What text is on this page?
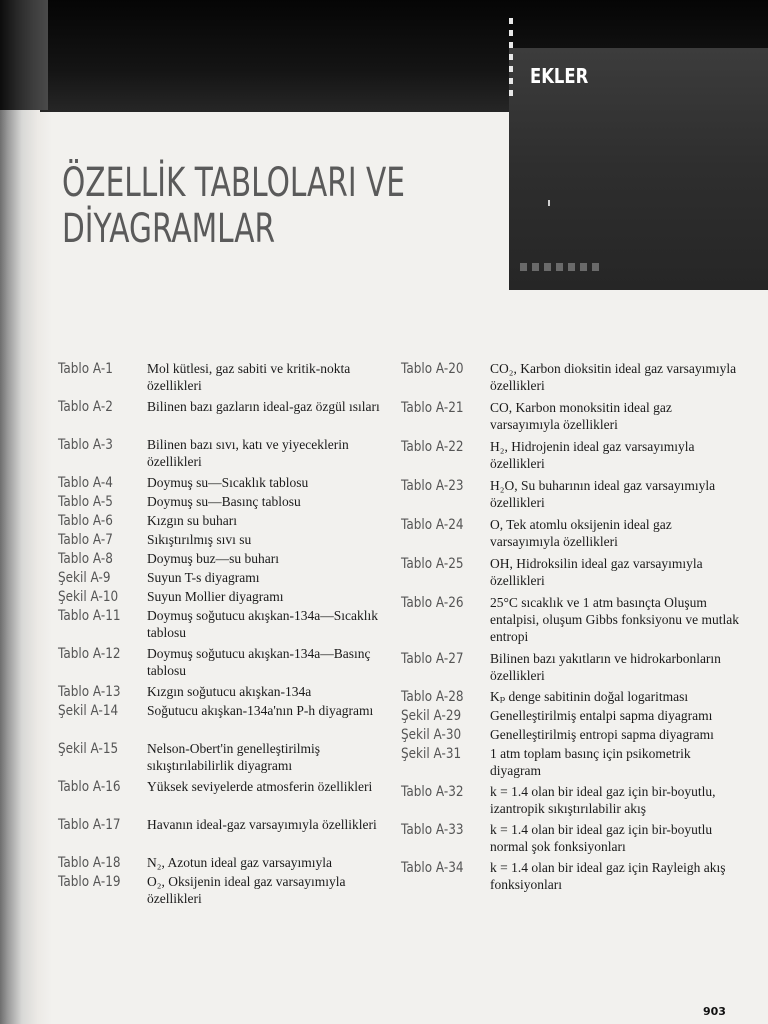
EKLER
ÖZELLİK TABLOLARI VE
DİYAGRAMLAR
Tablo A-1	Mol kütlesi, gaz sabiti ve kritik-nokta özellikleri
Tablo A-2	Bilinen bazı gazların ideal-gaz özgül ısıları
Tablo A-3	Bilinen bazı sıvı, katı ve yiyeceklerin özellikleri
Tablo A-4	Doymuş su—Sıcaklık tablosu
Tablo A-5	Doymuş su—Basınç tablosu
Tablo A-6	Kızgın su buharı
Tablo A-7	Sıkıştırılmış sıvı su
Tablo A-8	Doymuş buz—su buharı
Şekil A-9	Suyun T-s diyagramı
Şekil A-10 Suyun Mollier diyagramı
Tablo A-11 Doymuş soğutucu akışkan-134a—Sıcaklık tablosu
Tablo A-12 Doymuş soğutucu akışkan-134a—Basınç tablosu
Tablo A-13 Kızgın soğutucu akışkan-134a
Şekil A-14 Soğutucu akışkan-134a'nın P-h diyagramı
Şekil A-15 Nelson-Obert'in genelleştirilmiş sıkıştırılabilirlik diyagramı
Tablo A-16 Yüksek seviyelerde atmosferin özellikleri
Tablo A-17 Havanın ideal-gaz varsayımıyla özellikleri
Tablo A-18 N₂, Azotun ideal gaz varsayımıyla
Tablo A-19 O₂, Oksijenin ideal gaz varsayımıyla özellikleri
Tablo A-20 CO₂, Karbon dioksitin ideal gaz varsayımıyla özellikleri
Tablo A-21 CO, Karbon monoksitin ideal gaz varsayımıyla özellikleri
Tablo A-22 H₂, Hidrojenin ideal gaz varsayımıyla özellikleri
Tablo A-23 H₂O, Su buharının ideal gaz varsayımıyla özellikleri
Tablo A-24 O, Tek atomlu oksijenin ideal gaz varsayımıyla özellikleri
Tablo A-25 OH, Hidroksilin ideal gaz varsayımıyla özellikleri
Tablo A-26 25°C sıcaklık ve 1 atm basınçta Oluşum entalpisi, oluşum Gibbs fonksiyonu ve mutlak entropi
Tablo A-27 Bilinen bazı yakıtların ve hidrokarbonların özellikleri
Tablo A-28 Kₚ denge sabitinin doğal logaritması
Şekil A-29 Genelleştirilmiş entalpi sapma diyagramı
Şekil A-30 Genelleştirilmiş entropi sapma diyagramı
Şekil A-31 1 atm toplam basınç için psikometrik diyagram
Tablo A-32 k = 1.4 olan bir ideal gaz için bir-boyutlu, izantropik sıkıştırılabilir akış
Tablo A-33 k = 1.4 olan bir ideal gaz için bir-boyutlu normal şok fonksiyonları
Tablo A-34 k = 1.4 olan bir ideal gaz için Rayleigh akış fonksiyonları
903
